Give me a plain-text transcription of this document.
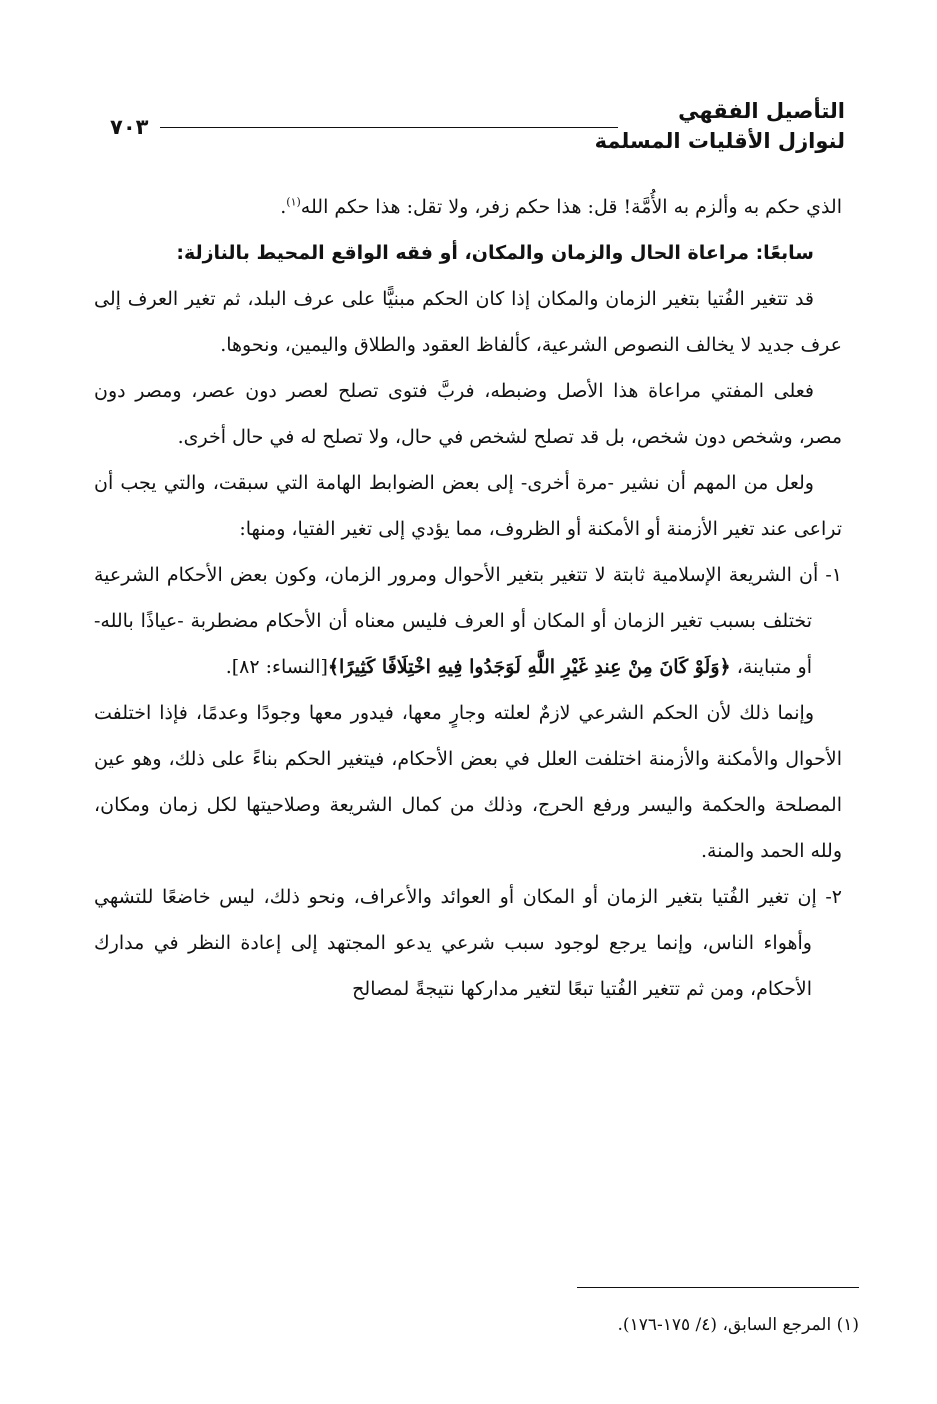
التأصيل الفقهي
لنوازل الأقليات المسلمة
٧٠٣

الذي حكم به وألزم به الأُمَّة! قل: هذا حكم زفر، ولا تقل: هذا حكم الله$^{(١)}$.

سابعًا: مراعاة الحال والزمان والمكان، أو فقه الواقع المحيط بالنازلة:

قد تتغير الفُتيا بتغير الزمان والمكان إذا كان الحكم مبنيًّا على عرف البلد، ثم تغير العرف إلى عرف جديد لا يخالف النصوص الشرعية، كألفاظ العقود والطلاق واليمين، ونحوها.

فعلى المفتي مراعاة هذا الأصل وضبطه، فربَّ فتوى تصلح لعصر دون عصر، ومصر دون مصر، وشخص دون شخص، بل قد تصلح لشخص في حال، ولا تصلح له في حال أخرى.

ولعل من المهم أن نشير -مرة أخرى- إلى بعض الضوابط الهامة التي سبقت، والتي يجب أن تراعى عند تغير الأزمنة أو الأمكنة أو الظروف، مما يؤدي إلى تغير الفتيا، ومنها:

١- أن الشريعة الإسلامية ثابتة لا تتغير بتغير الأحوال ومرور الزمان، وكون بعض الأحكام الشرعية تختلف بسبب تغير الزمان أو المكان أو العرف فليس معناه أن الأحكام مضطربة -عياذًا بالله- أو متباينة، ﴿وَلَوْ كَانَ مِنْ عِندِ غَيْرِ اللَّهِ لَوَجَدُوا فِيهِ اخْتِلَافًا كَثِيرًا﴾[النساء: ٨٢].

وإنما ذلك لأن الحكم الشرعي لازمٌ لعلته وجارٍ معها، فيدور معها وجودًا وعدمًا، فإذا اختلفت الأحوال والأمكنة والأزمنة اختلفت العلل في بعض الأحكام، فيتغير الحكم بناءً على ذلك، وهو عين المصلحة والحكمة واليسر ورفع الحرج، وذلك من كمال الشريعة وصلاحيتها لكل زمان ومكان، ولله الحمد والمنة.

٢- إن تغير الفُتيا بتغير الزمان أو المكان أو العوائد والأعراف، ونحو ذلك، ليس خاضعًا للتشهي وأهواء الناس، وإنما يرجع لوجود سبب شرعي يدعو المجتهد إلى إعادة النظر في مدارك الأحكام، ومن ثم تتغير الفُتيا تبعًا لتغير مداركها نتيجةً لمصالح

(١) المرجع السابق، (٤/ ١٧٥-١٧٦).
